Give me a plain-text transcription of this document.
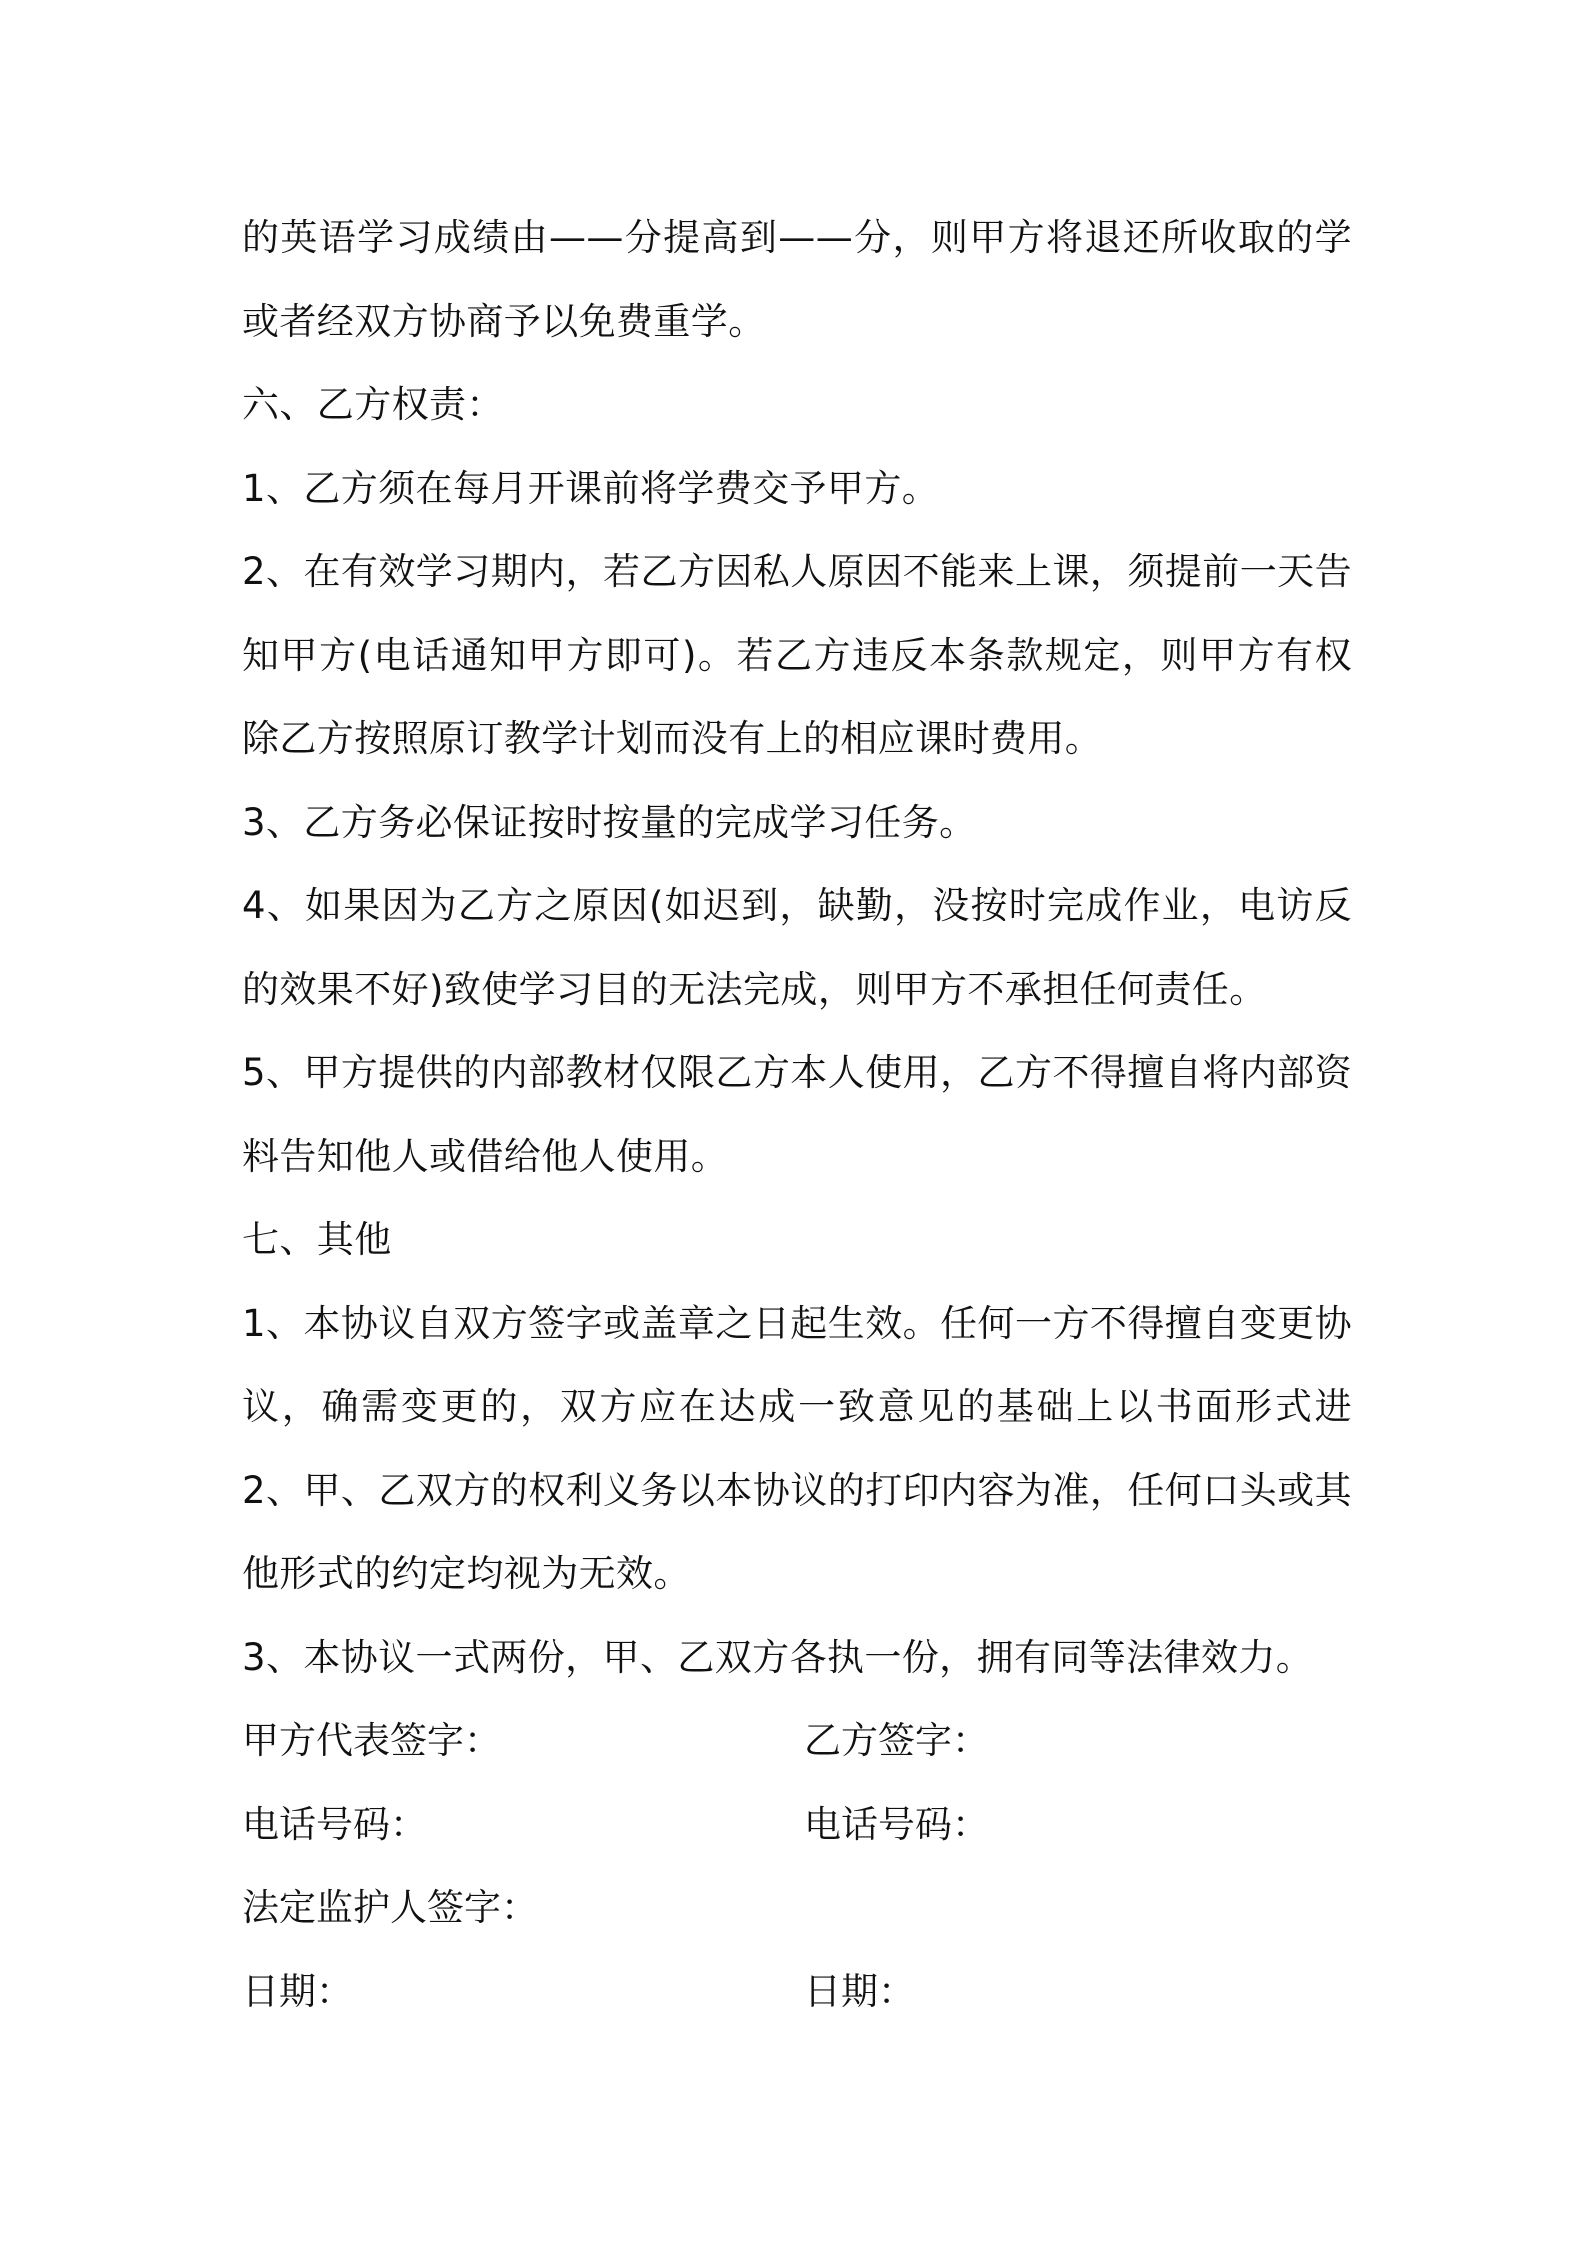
的英语学习成绩由——分提高到——分，则甲方将退还所收取的学
或者经双方协商予以免费重学。
六、乙方权责：
1、乙方须在每月开课前将学费交予甲方。
2、在有效学习期内，若乙方因私人原因不能来上课，须提前一天告
知甲方(电话通知甲方即可)。若乙方违反本条款规定，则甲方有权
除乙方按照原订教学计划而没有上的相应课时费用。
3、乙方务必保证按时按量的完成学习任务。
4、如果因为乙方之原因(如迟到，缺勤，没按时完成作业，电访反
的效果不好)致使学习目的无法完成，则甲方不承担任何责任。
5、甲方提供的内部教材仅限乙方本人使用，乙方不得擅自将内部资
料告知他人或借给他人使用。
七、其他
1、本协议自双方签字或盖章之日起生效。任何一方不得擅自变更协
议，确需变更的，双方应在达成一致意见的基础上以书面形式进
2、甲、乙双方的权利义务以本协议的打印内容为准，任何口头或其
他形式的约定均视为无效。
3、本协议一式两份，甲、乙双方各执一份，拥有同等法律效力。
甲方代表签字：	乙方签字：
电话号码：	电话号码：
法定监护人签字：
日期：	日期：
